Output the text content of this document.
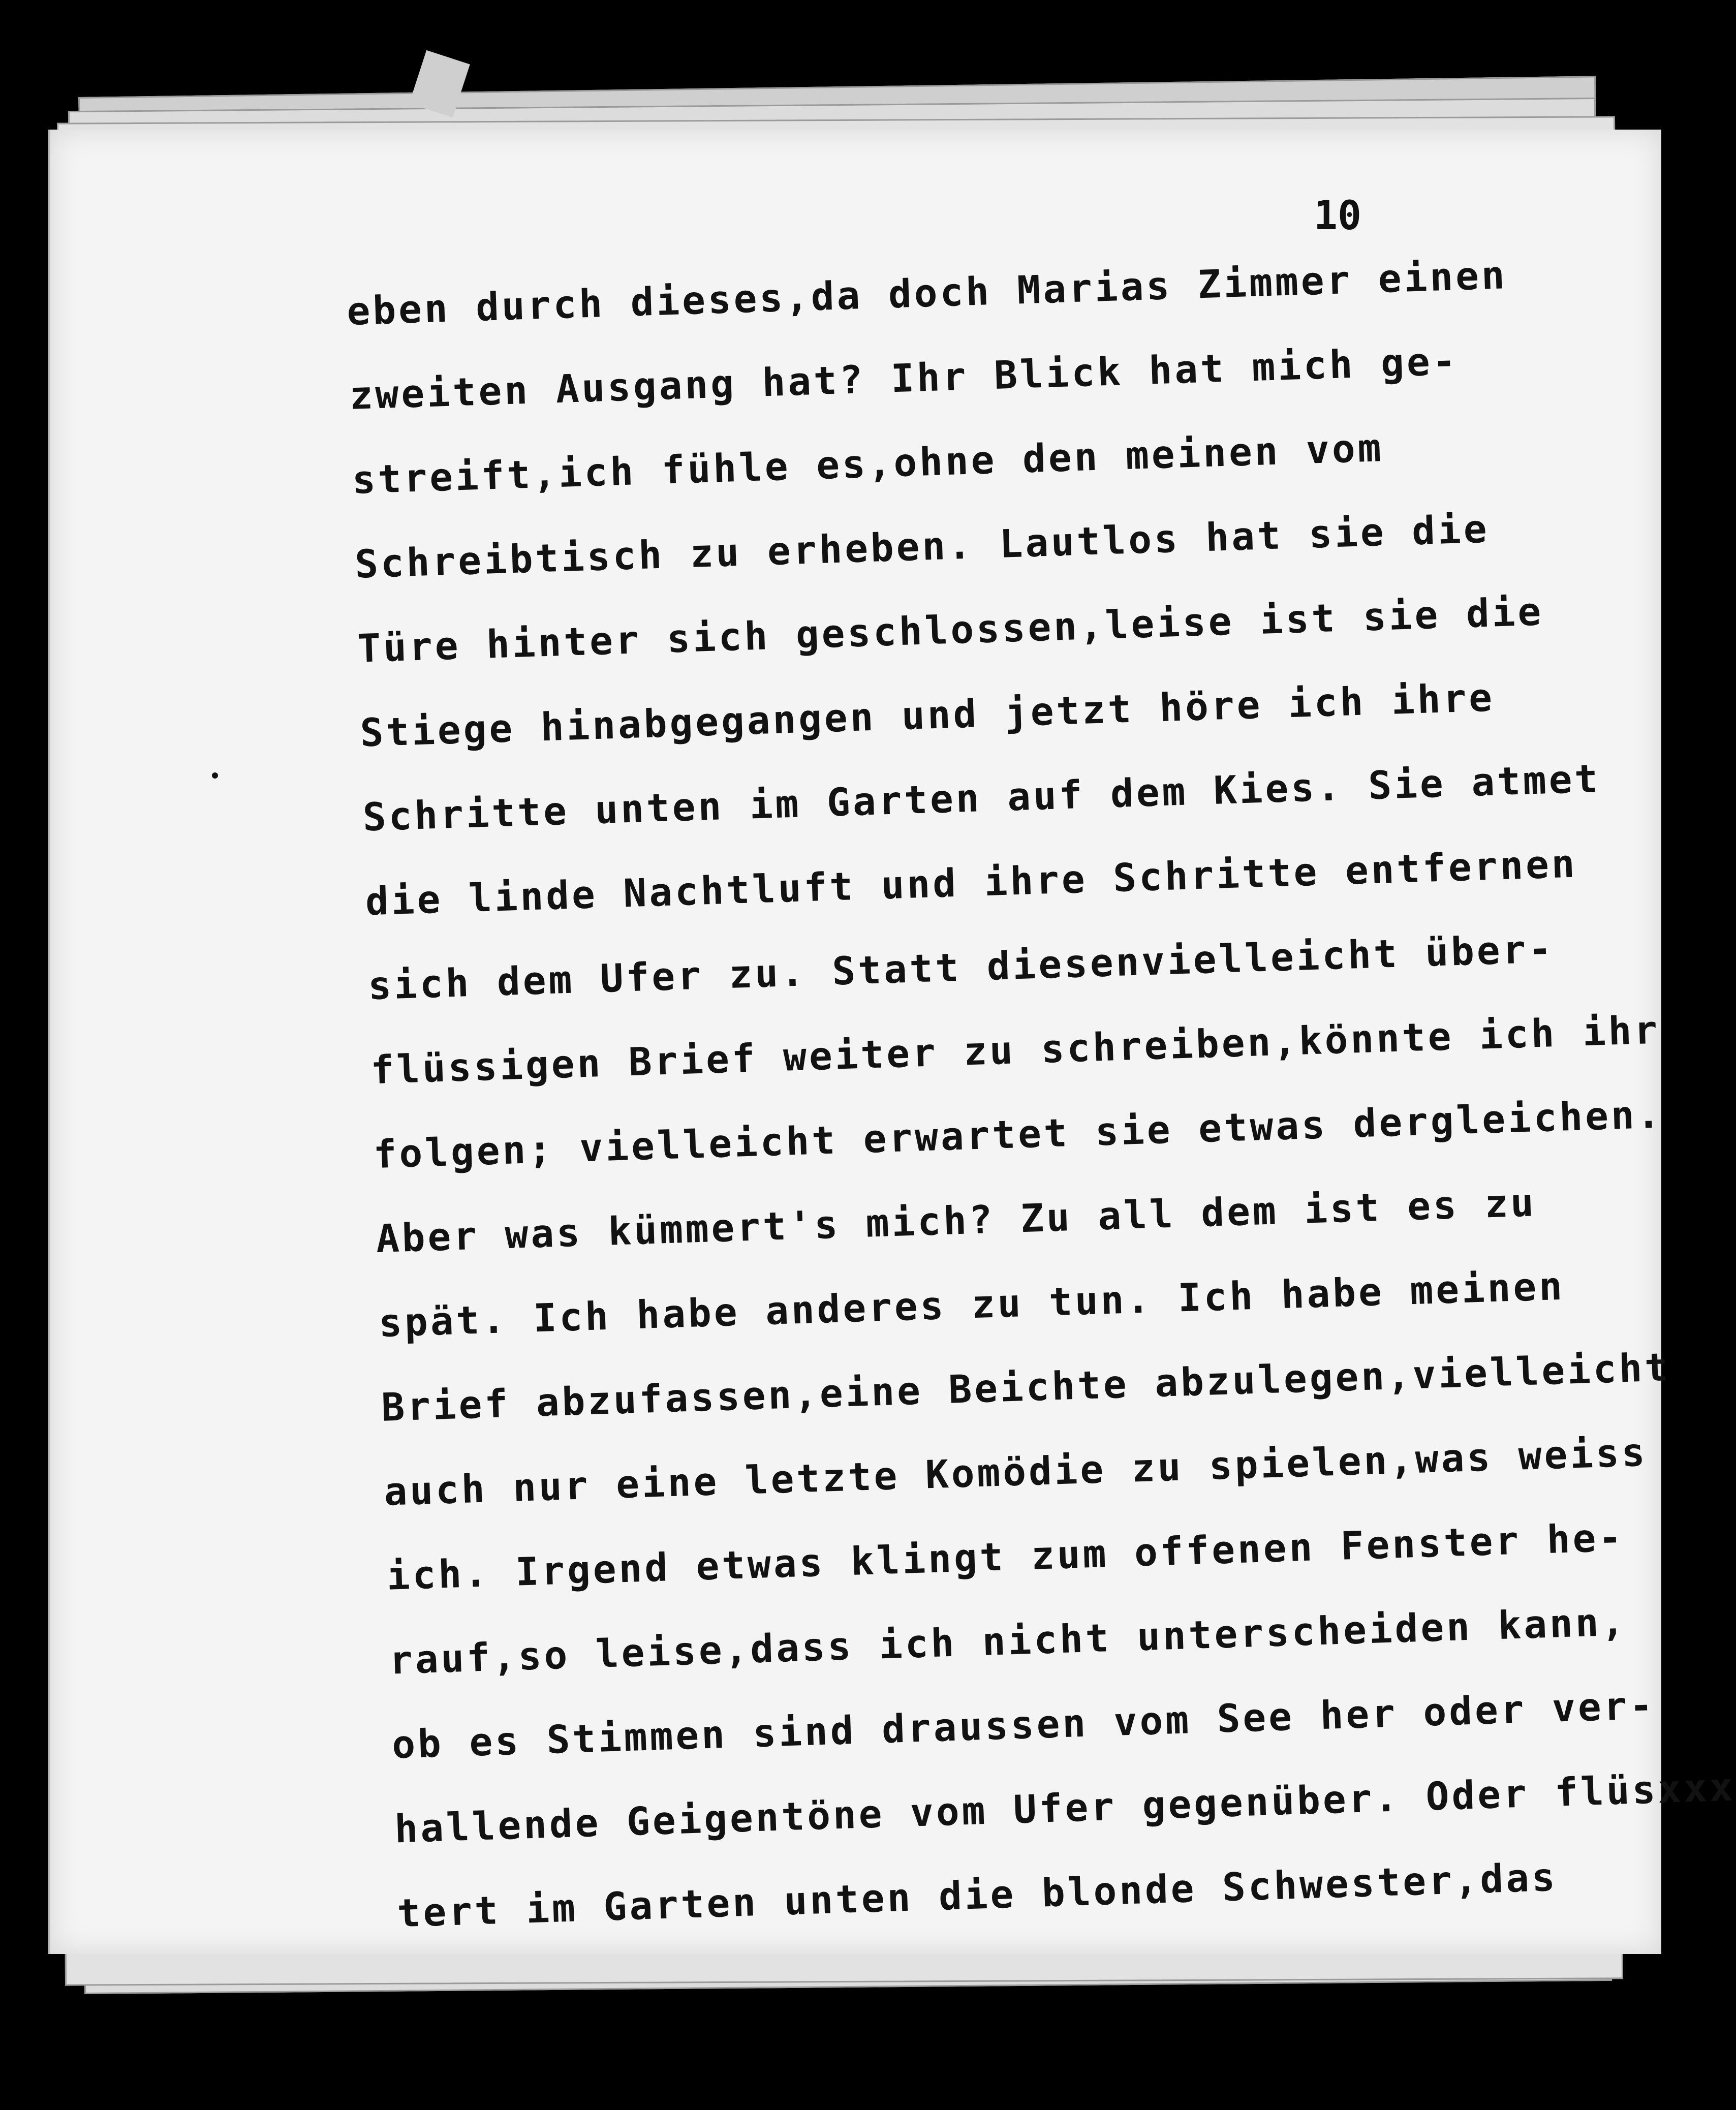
10
eben durch dieses,da doch Marias Zimmer einen
zweiten Ausgang hat? Ihr Blick hat mich ge-
streift,ich fühle es,ohne den meinen vom
Schreibtisch zu erheben. Lautlos hat sie die
Türe hinter sich geschlossen,leise ist sie die
Stiege hinabgegangen und jetzt höre ich ihre
Schritte unten im Garten auf dem Kies. Sie atmet
die linde Nachtluft und ihre Schritte entfernen
sich dem Ufer zu. Statt diesenvielleicht über-
flüssigen Brief weiter zu schreiben,könnte ich ihr
folgen; vielleicht erwartet sie etwas dergleichen.
Aber was kümmert's mich? Zu all dem ist es zu
spät. Ich habe anderes zu tun. Ich habe meinen
Brief abzufassen,eine Beichte abzulegen,vielleicht
auch nur eine letzte Komödie zu spielen,was weiss
ich. Irgend etwas klingt zum offenen Fenster he-
rauf,so leise,dass ich nicht unterscheiden kann,
ob es Stimmen sind draussen vom See her oder ver-
hallende Geigentöne vom Ufer gegenüber. Oder flüsxxx
tert im Garten unten die blonde Schwester,das
